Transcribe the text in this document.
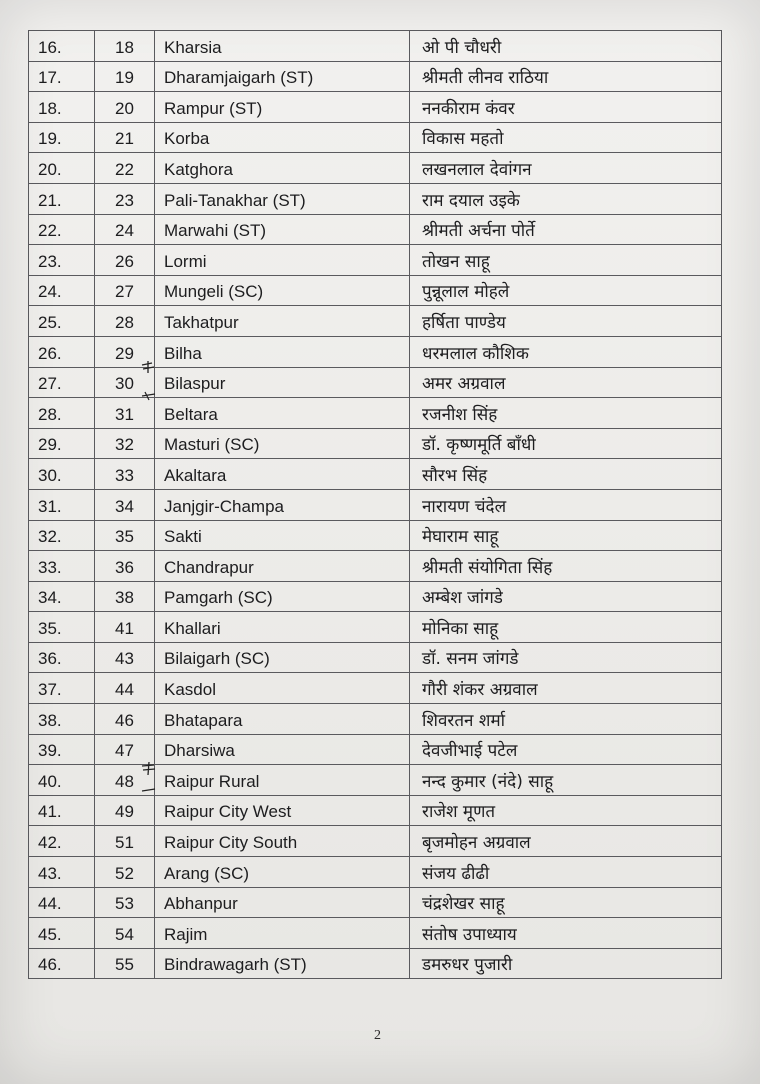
16.	18	Kharsia	ओ पी चौधरी
17.	19	Dharamjaigarh (ST)	श्रीमती लीनव राठिया
18.	20	Rampur (ST)	ननकीराम कंवर
19.	21	Korba	विकास महतो
20.	22	Katghora	लखनलाल देवांगन
21.	23	Pali-Tanakhar (ST)	राम दयाल उइके
22.	24	Marwahi (ST)	श्रीमती अर्चना पोर्ते
23.	26	Lormi	तोखन साहू
24.	27	Mungeli (SC)	पुन्नूलाल मोहले
25.	28	Takhatpur	हर्षिता पाण्डेय
26.	29	Bilha	धरमलाल कौशिक
27.	30	Bilaspur	अमर अग्रवाल
28.	31	Beltara	रजनीश सिंह
29.	32	Masturi (SC)	डॉ. कृष्णमूर्ति बाँधी
30.	33	Akaltara	सौरभ सिंह
31.	34	Janjgir-Champa	नारायण चंदेल
32.	35	Sakti	मेघाराम साहू
33.	36	Chandrapur	श्रीमती संयोगिता सिंह
34.	38	Pamgarh (SC)	अम्बेश जांगडे
35.	41	Khallari	मोनिका साहू
36.	43	Bilaigarh (SC)	डॉ. सनम जांगडे
37.	44	Kasdol	गौरी शंकर अग्रवाल
38.	46	Bhatapara	शिवरतन शर्मा
39.	47	Dharsiwa	देवजीभाई पटेल
40.	48	Raipur Rural	नन्द कुमार (नंदे) साहू
41.	49	Raipur City West	राजेश मूणत
42.	51	Raipur City South	बृजमोहन अग्रवाल
43.	52	Arang (SC)	संजय ढीढी
44.	53	Abhanpur	चंद्रशेखर साहू
45.	54	Rajim	संतोष उपाध्याय
46.	55	Bindrawagarh (ST)	डमरुधर पुजारी
2
